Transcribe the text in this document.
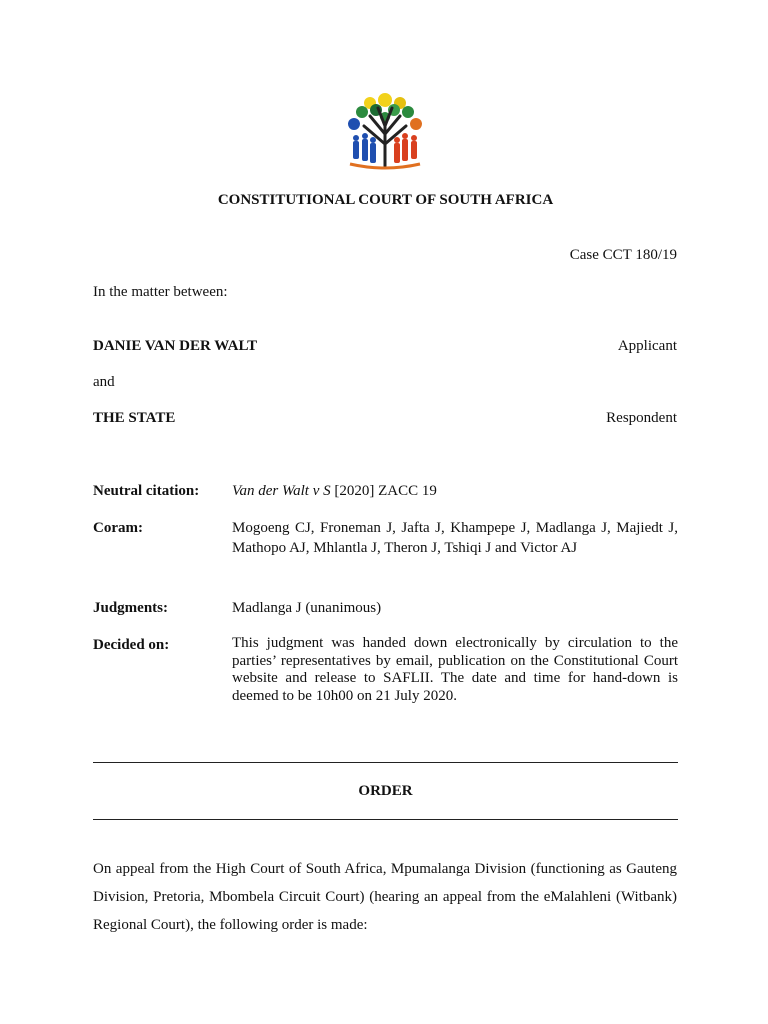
CONSTITUTIONAL COURT OF SOUTH AFRICA

Case CCT 180/19

In the matter between:

DANIE VAN DER WALT	Applicant

and

THE STATE	Respondent

Neutral citation: Van der Walt v S [2020] ZACC 19

Coram:	Mogoeng CJ, Froneman J, Jafta J, Khampepe J, Madlanga J, Majiedt J, Mathopo AJ, Mhlantla J, Theron J, Tshiqi J and Victor AJ

Judgments:	Madlanga J (unanimous)

Decided on:	This judgment was handed down electronically by circulation to the parties’ representatives by email, publication on the Constitutional Court website and release to SAFLII. The date and time for hand-down is deemed to be 10h00 on 21 July 2020.

ORDER

On appeal from the High Court of South Africa, Mpumalanga Division (functioning as Gauteng Division, Pretoria, Mbombela Circuit Court) (hearing an appeal from the eMalahleni (Witbank) Regional Court), the following order is made:
